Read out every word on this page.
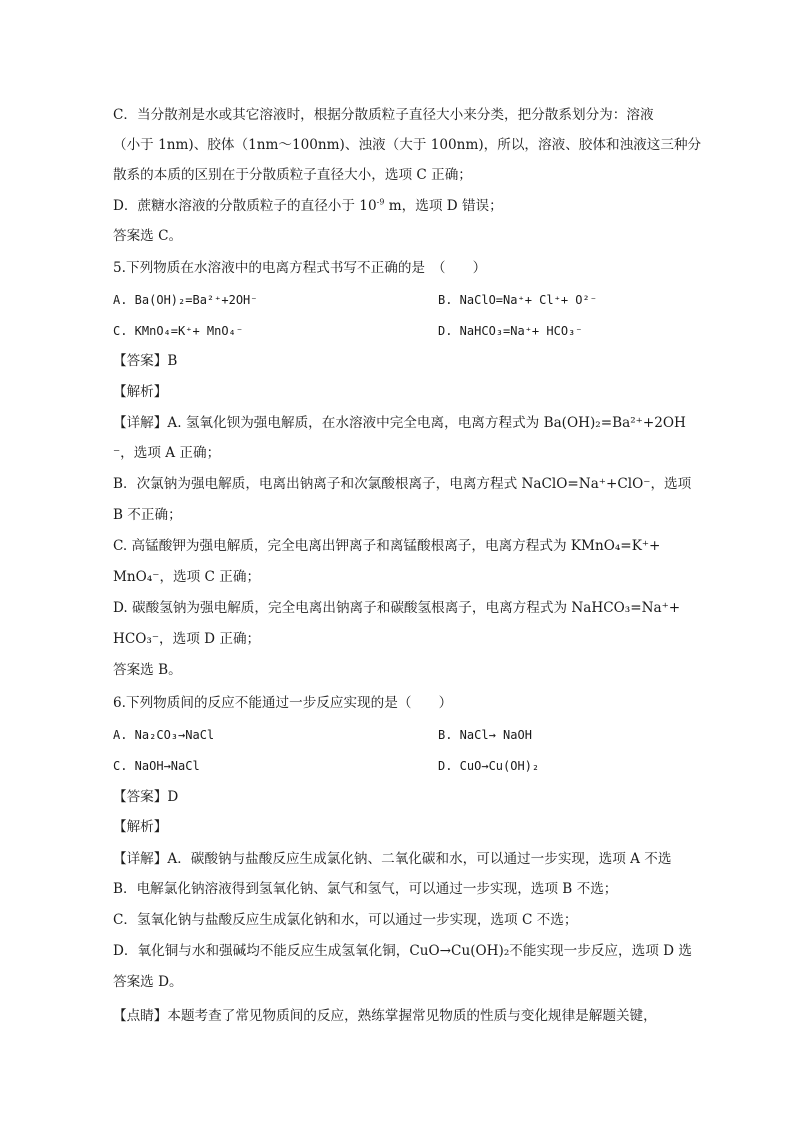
C．当分散剂是水或其它溶液时，根据分散质粒子直径大小来分类，把分散系划分为：溶液
（小于 1nm)、胶体（1nm～100nm)、浊液（大于 100nm)，所以，溶液、胶体和浊液这三种分
散系的本质的区别在于分散质粒子直径大小，选项 C 正确；
D．蔗糖水溶液的分散质粒子的直径小于 $10^{-9}$ m，选项 D 错误；
答案选 C。
5.下列物质在水溶液中的电离方程式书写不正确的是　（　　）
A. Ba(OH)₂=Ba²⁺+2OH⁻	B. NaClO=Na⁺+ Cl⁺+ O²⁻
C. KMnO₄=K⁺+ MnO₄⁻	D. NaHCO₃=Na⁺+ HCO₃⁻
【答案】B
【解析】
【详解】A. 氢氧化钡为强电解质，在水溶液中完全电离，电离方程式为 Ba(OH)₂=Ba²⁺+2OH
⁻，选项 A 正确；
B．次氯钠为强电解质，电离出钠离子和次氯酸根离子，电离方程式 NaClO=Na⁺+ClO⁻，选项
B 不正确；
C. 高锰酸钾为强电解质，完全电离出钾离子和离锰酸根离子，电离方程式为 KMnO₄=K⁺+
MnO₄⁻，选项 C 正确；
D. 碳酸氢钠为强电解质，完全电离出钠离子和碳酸氢根离子，电离方程式为 NaHCO₃=Na⁺+
HCO₃⁻，选项 D 正确；
答案选 B。
6.下列物质间的反应不能通过一步反应实现的是（　　）
A. Na₂CO₃→NaCl	B. NaCl→ NaOH
C. NaOH→NaCl	D. CuO→Cu(OH)₂
【答案】D
【解析】
【详解】A．碳酸钠与盐酸反应生成氯化钠、二氧化碳和水，可以通过一步实现，选项 A 不选
B．电解氯化钠溶液得到氢氧化钠、氯气和氢气，可以通过一步实现，选项 B 不选；
C．氢氧化钠与盐酸反应生成氯化钠和水，可以通过一步实现，选项 C 不选；
D．氧化铜与水和强碱均不能反应生成氢氧化铜，CuO→Cu(OH)₂不能实现一步反应，选项 D 选
答案选 D。
【点睛】本题考查了常见物质间的反应，熟练掌握常见物质的性质与变化规律是解题关键，
